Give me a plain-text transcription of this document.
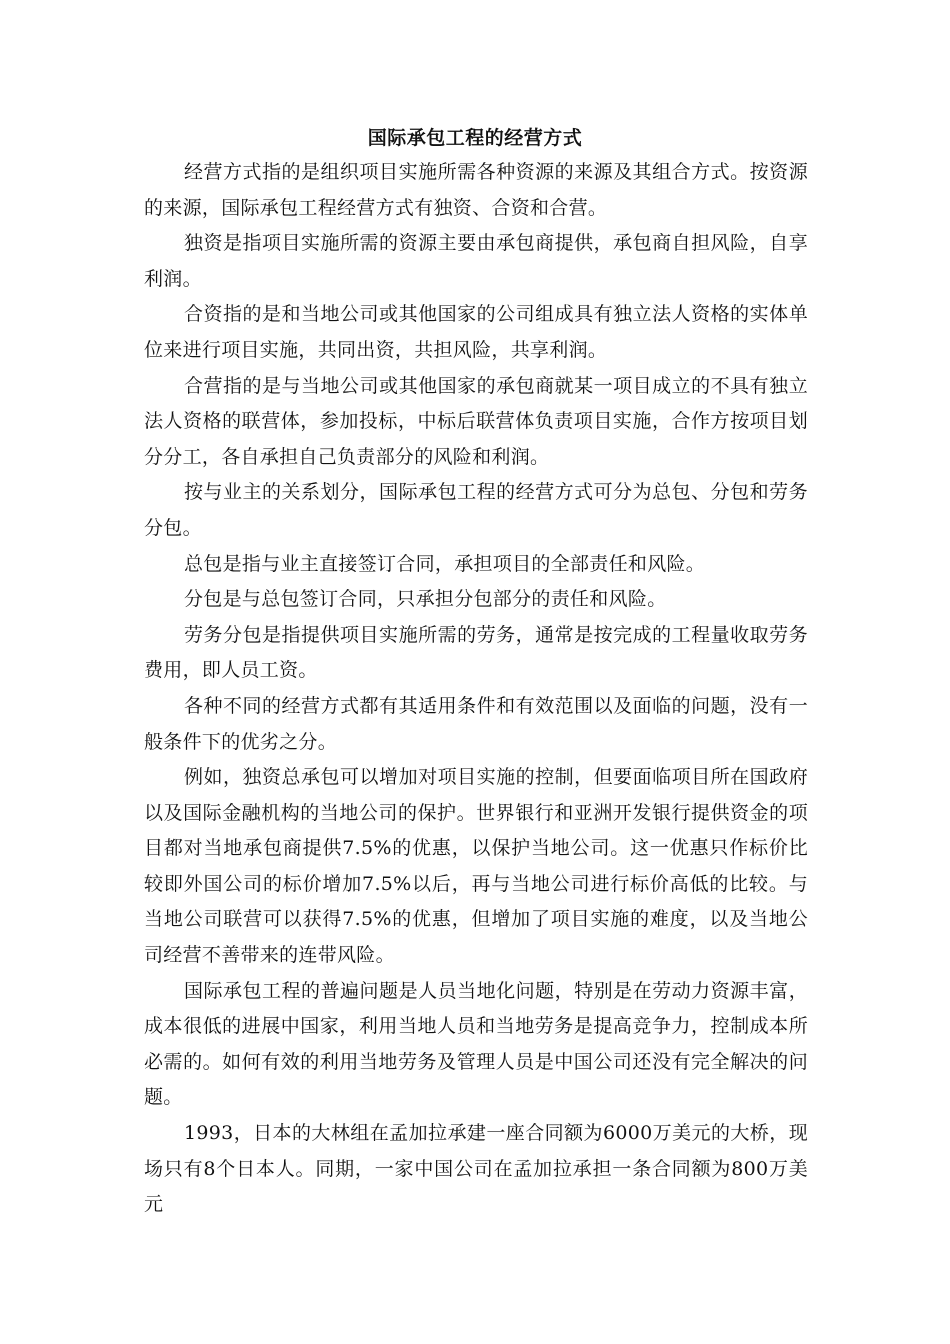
国际承包工程的经营方式

经营方式指的是组织项目实施所需各种资源的来源及其组合方式。按资源的来源，国际承包工程经营方式有独资、合资和合营。

独资是指项目实施所需的资源主要由承包商提供，承包商自担风险，自享利润。

合资指的是和当地公司或其他国家的公司组成具有独立法人资格的实体单位来进行项目实施，共同出资，共担风险，共享利润。

合营指的是与当地公司或其他国家的承包商就某一项目成立的不具有独立法人资格的联营体，参加投标，中标后联营体负责项目实施，合作方按项目划分分工，各自承担自己负责部分的风险和利润。

按与业主的关系划分，国际承包工程的经营方式可分为总包、分包和劳务分包。

总包是指与业主直接签订合同，承担项目的全部责任和风险。

分包是与总包签订合同，只承担分包部分的责任和风险。

劳务分包是指提供项目实施所需的劳务，通常是按完成的工程量收取劳务费用，即人员工资。

各种不同的经营方式都有其适用条件和有效范围以及面临的问题，没有一般条件下的优劣之分。

例如，独资总承包可以增加对项目实施的控制，但要面临项目所在国政府以及国际金融机构的当地公司的保护。世界银行和亚洲开发银行提供资金的项目都对当地承包商提供7.5%的优惠，以保护当地公司。这一优惠只作标价比较即外国公司的标价增加7.5%以后，再与当地公司进行标价高低的比较。与当地公司联营可以获得7.5%的优惠，但增加了项目实施的难度，以及当地公司经营不善带来的连带风险。

国际承包工程的普遍问题是人员当地化问题，特别是在劳动力资源丰富，成本很低的进展中国家，利用当地人员和当地劳务是提高竞争力，控制成本所必需的。如何有效的利用当地劳务及管理人员是中国公司还没有完全解决的问题。

1993，日本的大林组在孟加拉承建一座合同额为6000万美元的大桥，现场只有8个日本人。同期，一家中国公司在孟加拉承担一条合同额为800万美元
